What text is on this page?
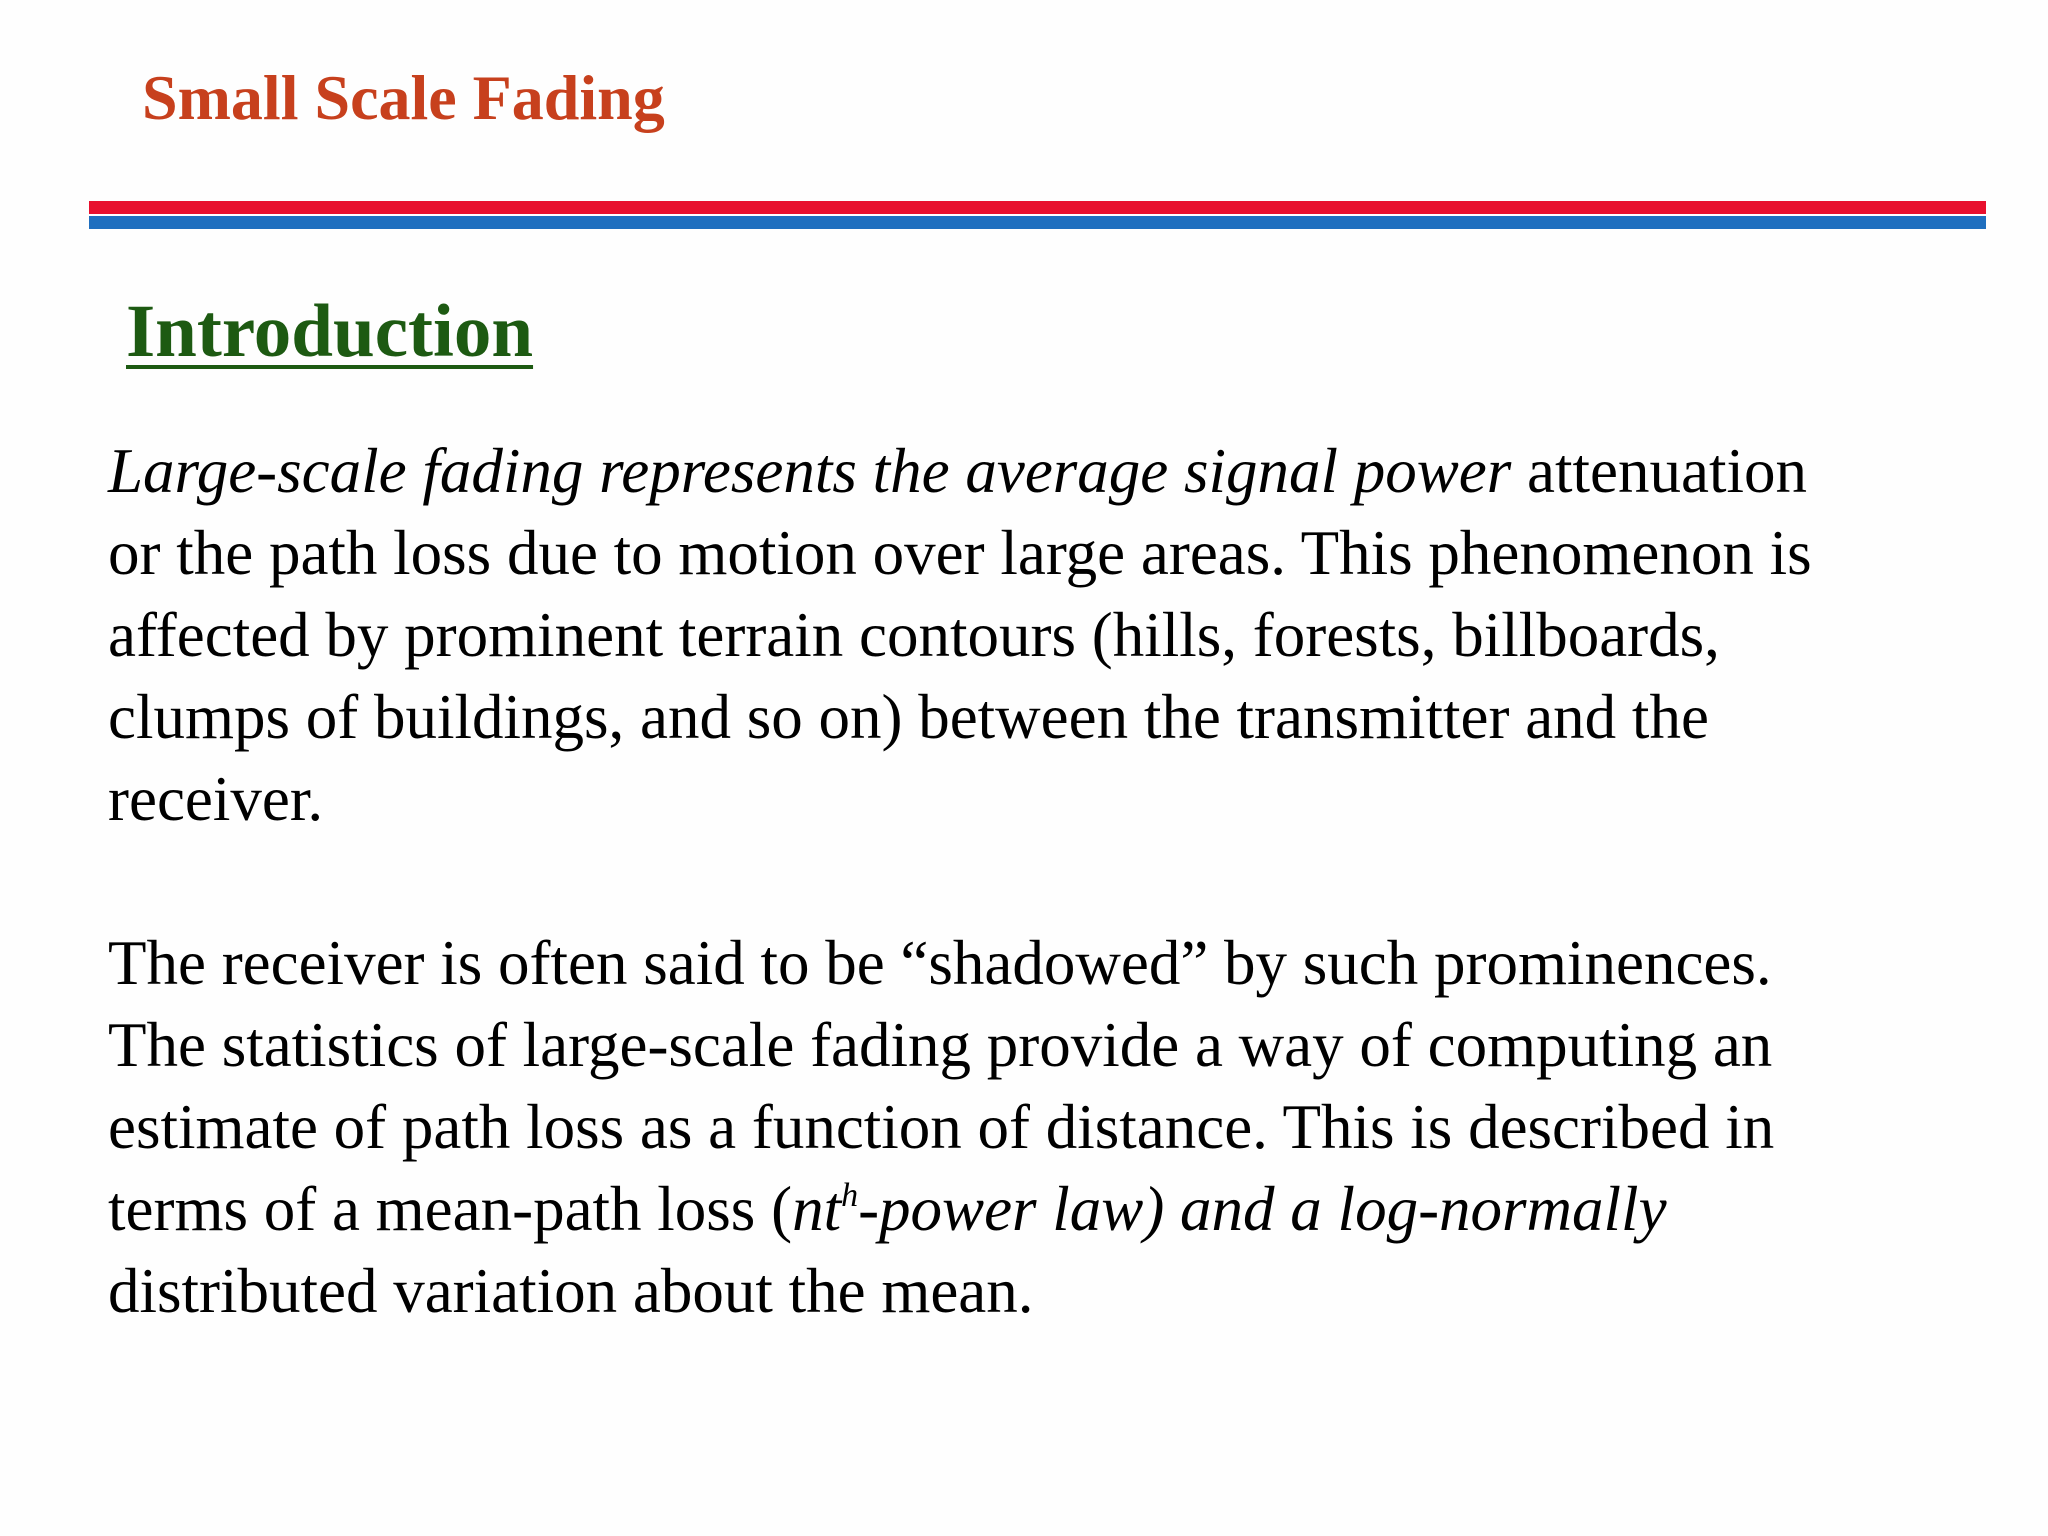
Small Scale Fading
Introduction
Large-scale fading represents the average signal power attenuation
or the path loss due to motion over large areas. This phenomenon is
affected by prominent terrain contours (hills, forests, billboards,
clumps of buildings, and so on) between the transmitter and the
receiver.
The receiver is often said to be “shadowed” by such prominences.
The statistics of large-scale fading provide a way of computing an
estimate of path loss as a function of distance. This is described in
terms of a mean-path loss ($nt^h$-power law) and a log-normally
distributed variation about the mean.
